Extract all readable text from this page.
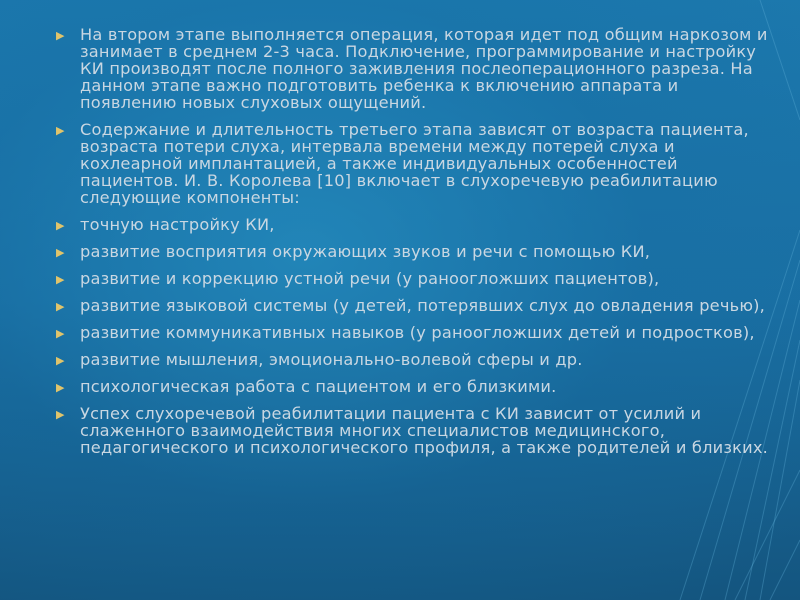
▶ На втором этапе выполняется операция, которая идет под общим наркозом и занимает в среднем 2-3 часа. Подключение, программирование и настройку КИ производят после полного заживления послеоперационного разреза. На данном этапе важно подготовить ребенка к включению аппарата и появлению новых слуховых ощущений.
▶ Содержание и длительность третьего этапа зависят от возраста пациента, возраста потери слуха, интервала времени между потерей слуха и кохлеарной имплантацией, а также индивидуальных особенностей пациентов. И. В. Королева [10] включает в слухоречевую реабилитацию следующие компоненты:
▶ точную настройку КИ,
▶ развитие восприятия окружающих звуков и речи с помощью КИ,
▶ развитие и коррекцию устной речи (у раноогложших пациентов),
▶ развитие языковой системы (у детей, потерявших слух до овладения речью),
▶ развитие коммуникативных навыков (у раноогложших детей и подростков),
▶ развитие мышления, эмоционально-волевой сферы и др.
▶ психологическая работа с пациентом и его близкими.
▶ Успех слухоречевой реабилитации пациента с КИ зависит от усилий и слаженного взаимодействия многих специалистов медицинского, педагогического и психологического профиля, а также родителей и близких.
